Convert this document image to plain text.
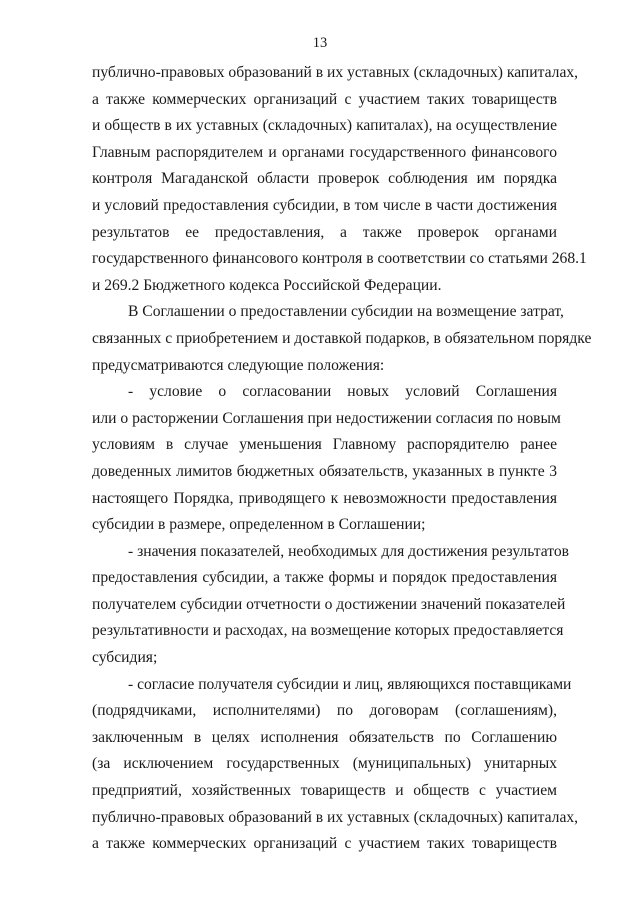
13
публично-правовых образований в их уставных (складочных) капиталах,
а также коммерческих организаций с участием таких товариществ
и обществ в их уставных (складочных) капиталах), на осуществление
Главным распорядителем и органами государственного финансового
контроля Магаданской области проверок соблюдения им порядка
и условий предоставления субсидии, в том числе в части достижения
результатов ее предоставления, а также проверок органами
государственного финансового контроля в соответствии со статьями 268.1
и 269.2 Бюджетного кодекса Российской Федерации.
В Соглашении о предоставлении субсидии на возмещение затрат,
связанных с приобретением и доставкой подарков, в обязательном порядке
предусматриваются следующие положения:
- условие о согласовании новых условий Соглашения
или о расторжении Соглашения при недостижении согласия по новым
условиям в случае уменьшения Главному распорядителю ранее
доведенных лимитов бюджетных обязательств, указанных в пункте 3
настоящего Порядка, приводящего к невозможности предоставления
субсидии в размере, определенном в Соглашении;
- значения показателей, необходимых для достижения результатов
предоставления субсидии, а также формы и порядок предоставления
получателем субсидии отчетности о достижении значений показателей
результативности и расходах, на возмещение которых предоставляется
субсидия;
- согласие получателя субсидии и лиц, являющихся поставщиками
(подрядчиками, исполнителями) по договорам (соглашениям),
заключенным в целях исполнения обязательств по Соглашению
(за исключением государственных (муниципальных) унитарных
предприятий, хозяйственных товариществ и обществ с участием
публично-правовых образований в их уставных (складочных) капиталах,
а также коммерческих организаций с участием таких товариществ
